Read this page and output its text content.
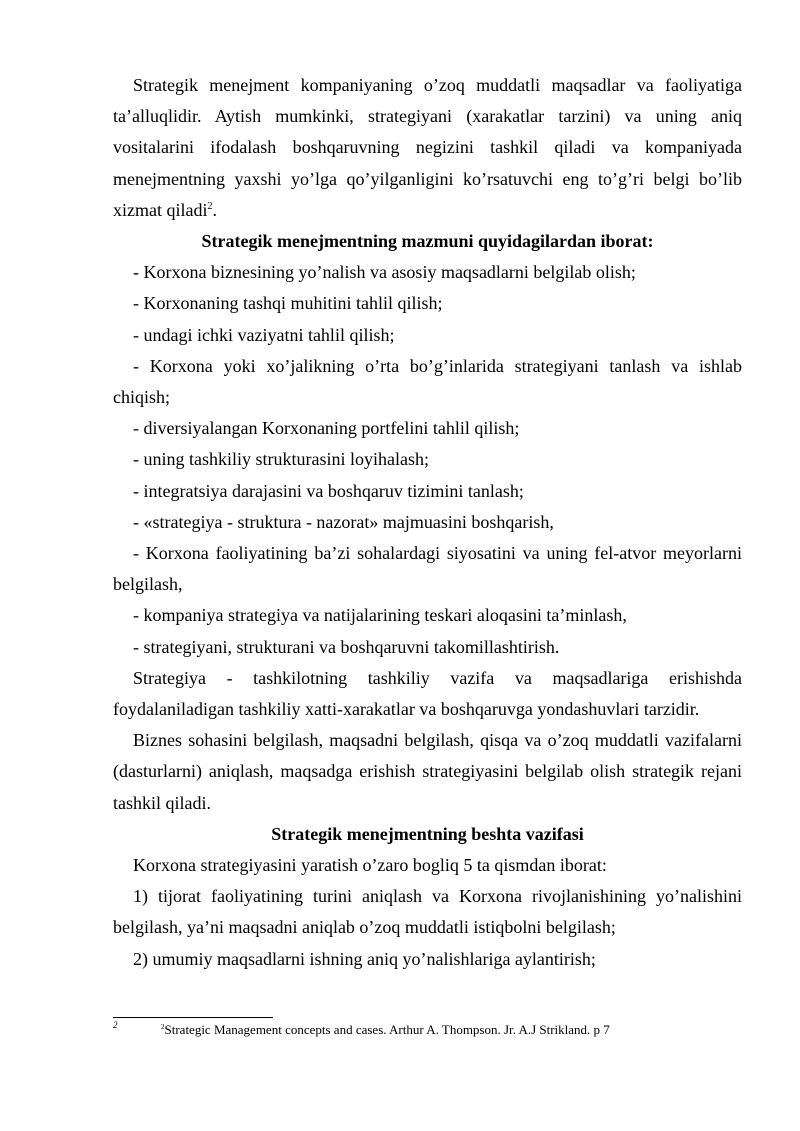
Strategik menejment kompaniyaning o’zoq muddatli maqsadlar va faoliyatiga ta’alluqlidir. Aytish mumkinki, strategiyani (xarakatlar tarzini) va uning aniq vositalarini ifodalash boshqaruvning negizini tashkil qiladi va kompaniyada menejmentning yaxshi yo’lga qo’yilganligini ko’rsatuvchi eng to’g’ri belgi bo’lib xizmat qiladi$^2$.

Strategik menejmentning mazmuni quyidagilardan iborat:

- Korxona biznesining yo’nalish va asosiy maqsadlarni belgilab olish;

- Korxonaning tashqi muhitini tahlil qilish;

- undagi ichki vaziyatni tahlil qilish;

- Korxona yoki xo’jalikning o’rta bo’g’inlarida strategiyani tanlash va ishlab chiqish;

- diversiyalangan Korxonaning portfelini tahlil qilish;

- uning tashkiliy strukturasini loyihalash;

- integratsiya darajasini va boshqaruv tizimini tanlash;

- «strategiya - struktura - nazorat» majmuasini boshqarish,

- Korxona faoliyatining ba’zi sohalardagi siyosatini va uning fel-atvor meyorlarni belgilash,

- kompaniya strategiya va natijalarining teskari aloqasini ta’minlash,

- strategiyani, strukturani va boshqaruvni takomillashtirish.

Strategiya - tashkilotning tashkiliy vazifa va maqsadlariga erishishda foydalaniladigan tashkiliy xatti-xarakatlar va boshqaruvga yondashuvlari tarzidir.

Biznes sohasini belgilash, maqsadni belgilash, qisqa va o’zoq muddatli vazifalarni (dasturlarni) aniqlash, maqsadga erishish strategiyasini belgilab olish strategik rejani tashkil qiladi.

Strategik menejmentning beshta vazifasi

Korxona strategiyasini yaratish o’zaro bogliq 5 ta qismdan iborat:

1) tijorat faoliyatining turini aniqlash va Korxona rivojlanishining yo’nalishini belgilash, ya’ni maqsadni aniqlab o’zoq muddatli istiqbolni belgilash;

2) umumiy maqsadlarni ishning aniq yo’nalishlariga aylantirish;

2	$^2$Strategic Management concepts and cases. Arthur A. Thompson. Jr. A.J Strikland. p 7
